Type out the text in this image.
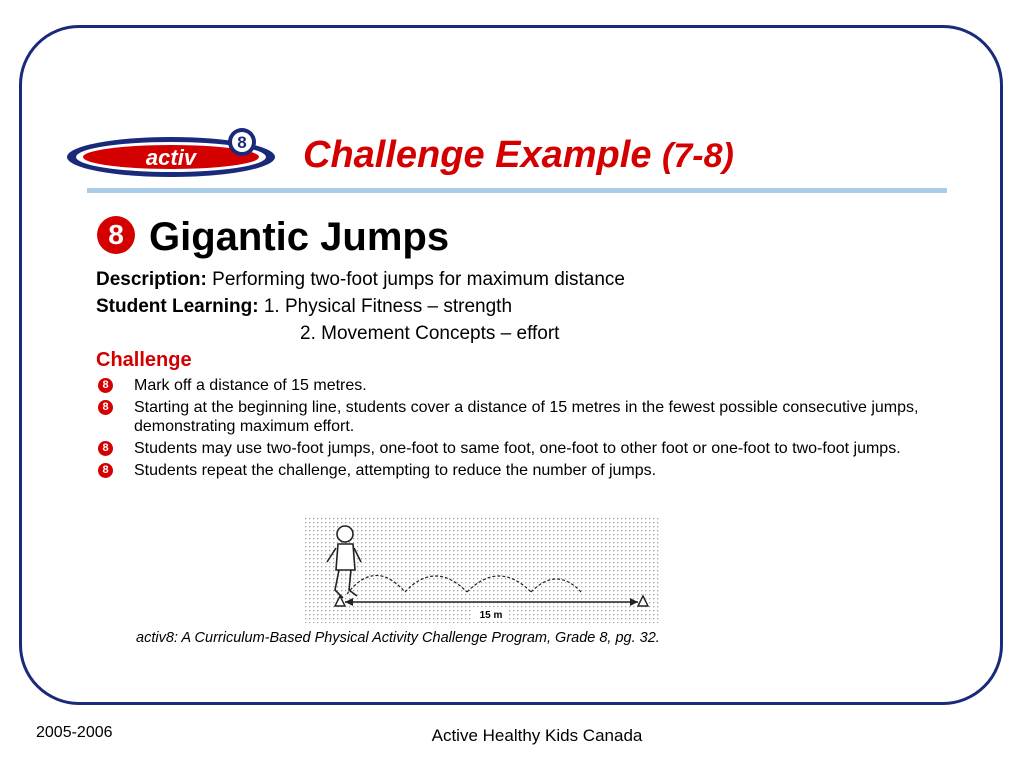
activ
8 Challenge Example (7-8)
8 Gigantic Jumps
Description: Performing two-foot jumps for maximum distance
Student Learning: 1. Physical Fitness – strength
2. Movement Concepts – effort
Challenge
8 Mark off a distance of 15 metres.
8 Starting at the beginning line, students cover a distance of 15 metres in the fewest possible consecutive jumps, demonstrating maximum effort.
8 Students may use two-foot jumps, one-foot to same foot, one-foot to other foot or one-foot to two-foot jumps.
8 Students repeat the challenge, attempting to reduce the number of jumps.
15 m
activ8: A Curriculum-Based Physical Activity Challenge Program, Grade 8, pg. 32.
2005-2006	Active Healthy Kids Canada
